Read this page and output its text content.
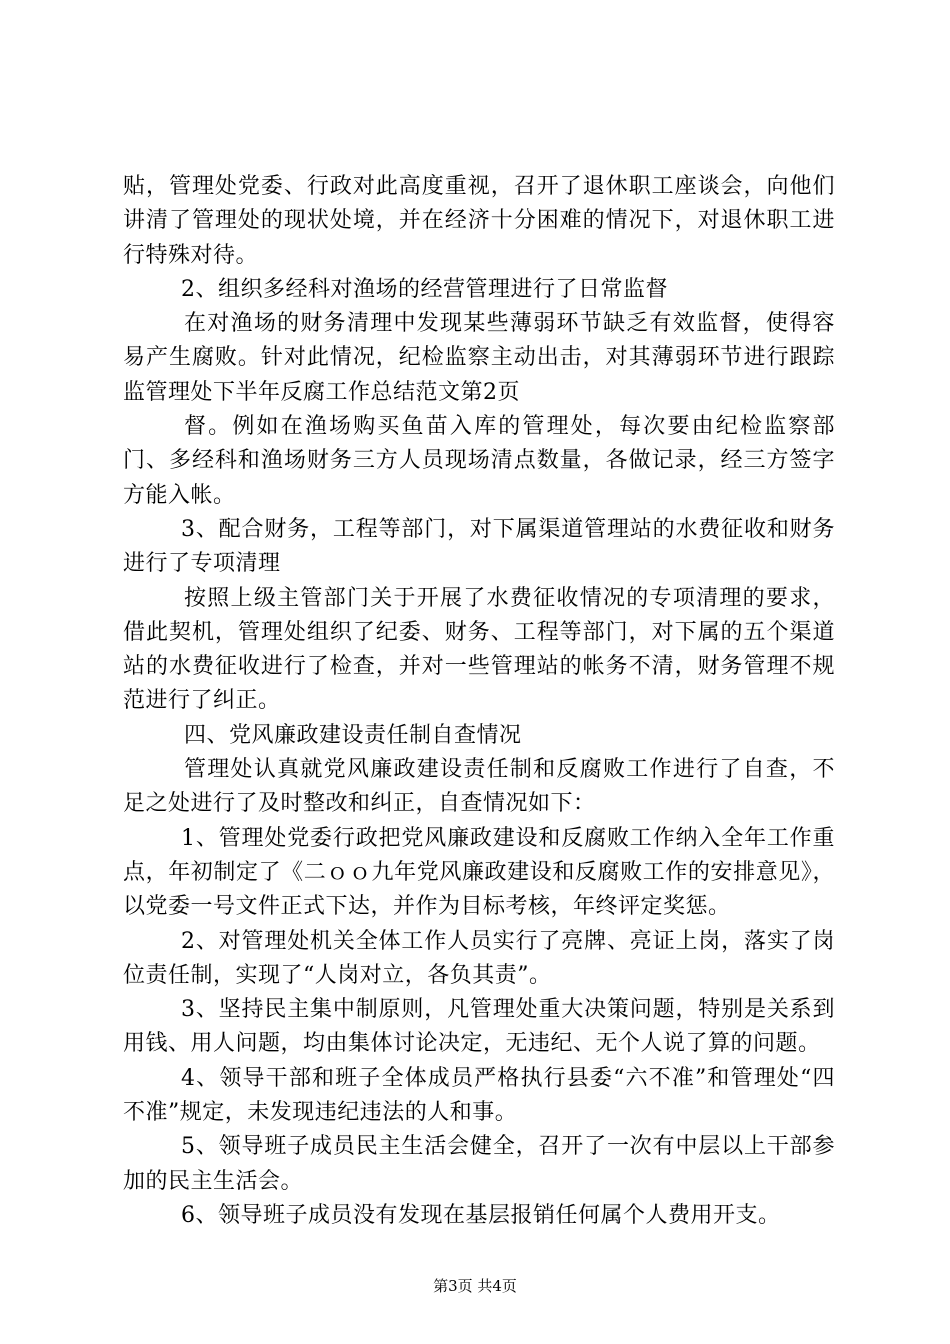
贴，管理处党委、行政对此高度重视，召开了退休职工座谈会，向他们讲清了管理处的现状处境，并在经济十分困难的情况下，对退休职工进行特殊对待。

2、组织多经科对渔场的经营管理进行了日常监督

在对渔场的财务清理中发现某些薄弱环节缺乏有效监督，使得容易产生腐败。针对此情况，纪检监察主动出击，对其薄弱环节进行跟踪监管理处下半年反腐工作总结范文第2页

督。例如在渔场购买鱼苗入库的管理处，每次要由纪检监察部门、多经科和渔场财务三方人员现场清点数量，各做记录，经三方签字方能入帐。

3、配合财务，工程等部门，对下属渠道管理站的水费征收和财务进行了专项清理

按照上级主管部门关于开展了水费征收情况的专项清理的要求，借此契机，管理处组织了纪委、财务、工程等部门，对下属的五个渠道站的水费征收进行了检查，并对一些管理站的帐务不清，财务管理不规范进行了纠正。

四、党风廉政建设责任制自查情况

管理处认真就党风廉政建设责任制和反腐败工作进行了自查，不足之处进行了及时整改和纠正，自查情况如下：

1、管理处党委行政把党风廉政建设和反腐败工作纳入全年工作重点，年初制定了《二ｏｏ九年党风廉政建设和反腐败工作的安排意见》，以党委一号文件正式下达，并作为目标考核，年终评定奖惩。

2、对管理处机关全体工作人员实行了亮牌、亮证上岗，落实了岗位责任制，实现了“人岗对立，各负其责”。

3、坚持民主集中制原则，凡管理处重大决策问题，特别是关系到用钱、用人问题，均由集体讨论决定，无违纪、无个人说了算的问题。

4、领导干部和班子全体成员严格执行县委“六不准”和管理处“四不准”规定，未发现违纪违法的人和事。

5、领导班子成员民主生活会健全，召开了一次有中层以上干部参加的民主生活会。

6、领导班子成员没有发现在基层报销任何属个人费用开支。

第3页 共4页
